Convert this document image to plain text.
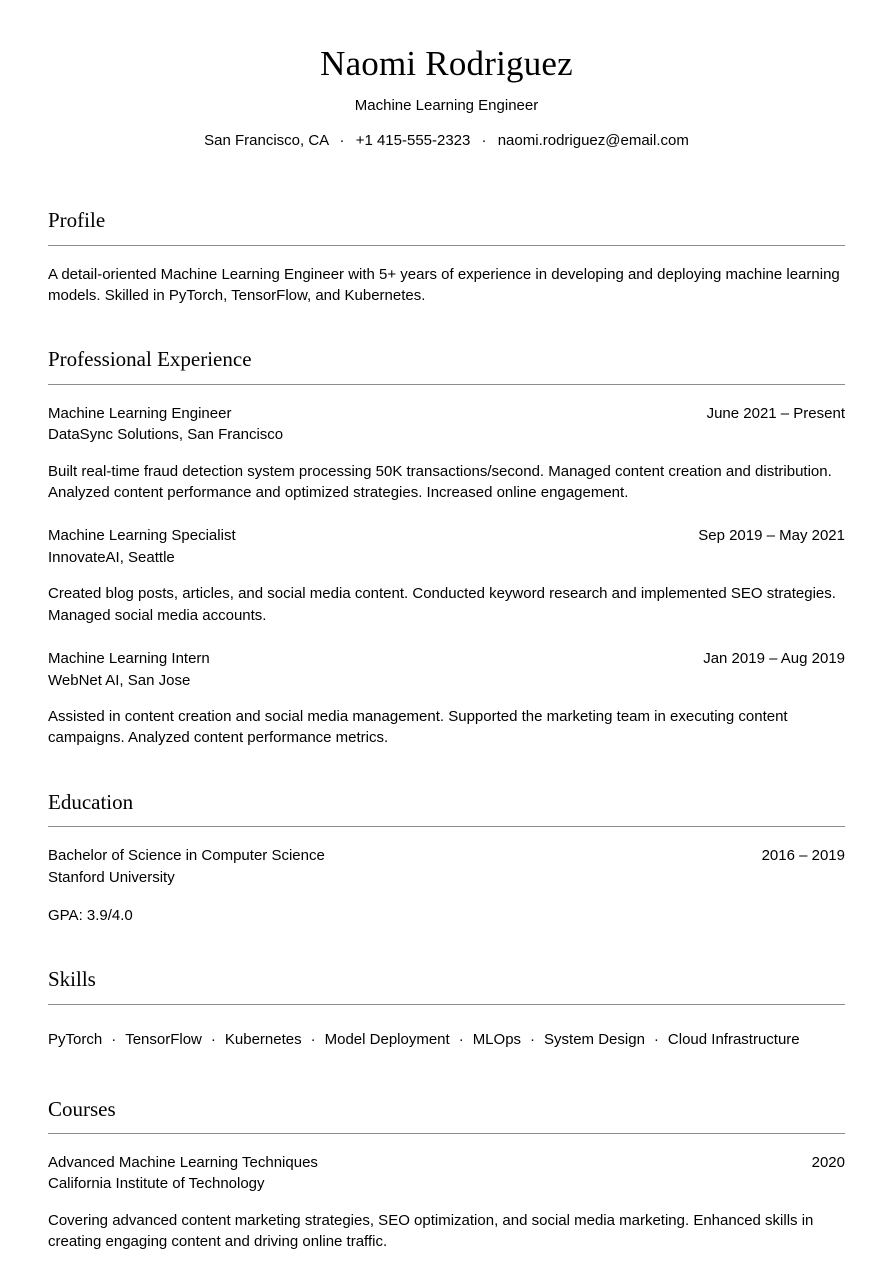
Naomi Rodriguez
Machine Learning Engineer
San Francisco, CA · +1 415-555-2323 · naomi.rodriguez@email.com
Profile

A detail-oriented Machine Learning Engineer with 5+ years of experience in developing and deploying machine learning models. Skilled in PyTorch, TensorFlow, and Kubernetes.

Professional Experience
Machine Learning Engineer	June 2021 – Present
DataSync Solutions, San Francisco
Built real-time fraud detection system processing 50K transactions/second. Managed content creation and distribution. Analyzed content performance and optimized strategies. Increased online engagement.
Machine Learning Specialist	Sep 2019 – May 2021
InnovateAI, Seattle
Created blog posts, articles, and social media content. Conducted keyword research and implemented SEO strategies. Managed social media accounts.
Machine Learning Intern	Jan 2019 – Aug 2019
WebNet AI, San Jose
Assisted in content creation and social media management. Supported the marketing team in executing content campaigns. Analyzed content performance metrics.
Education
Bachelor of Science in Computer Science	2016 – 2019
Stanford University
GPA: 3.9/4.0
Skills

PyTorch · TensorFlow · Kubernetes · Model Deployment · MLOps · System Design · Cloud Infrastructure

Courses
Advanced Machine Learning Techniques	2020
California Institute of Technology
Covering advanced content marketing strategies, SEO optimization, and social media marketing. Enhanced skills in creating engaging content and driving online traffic.
